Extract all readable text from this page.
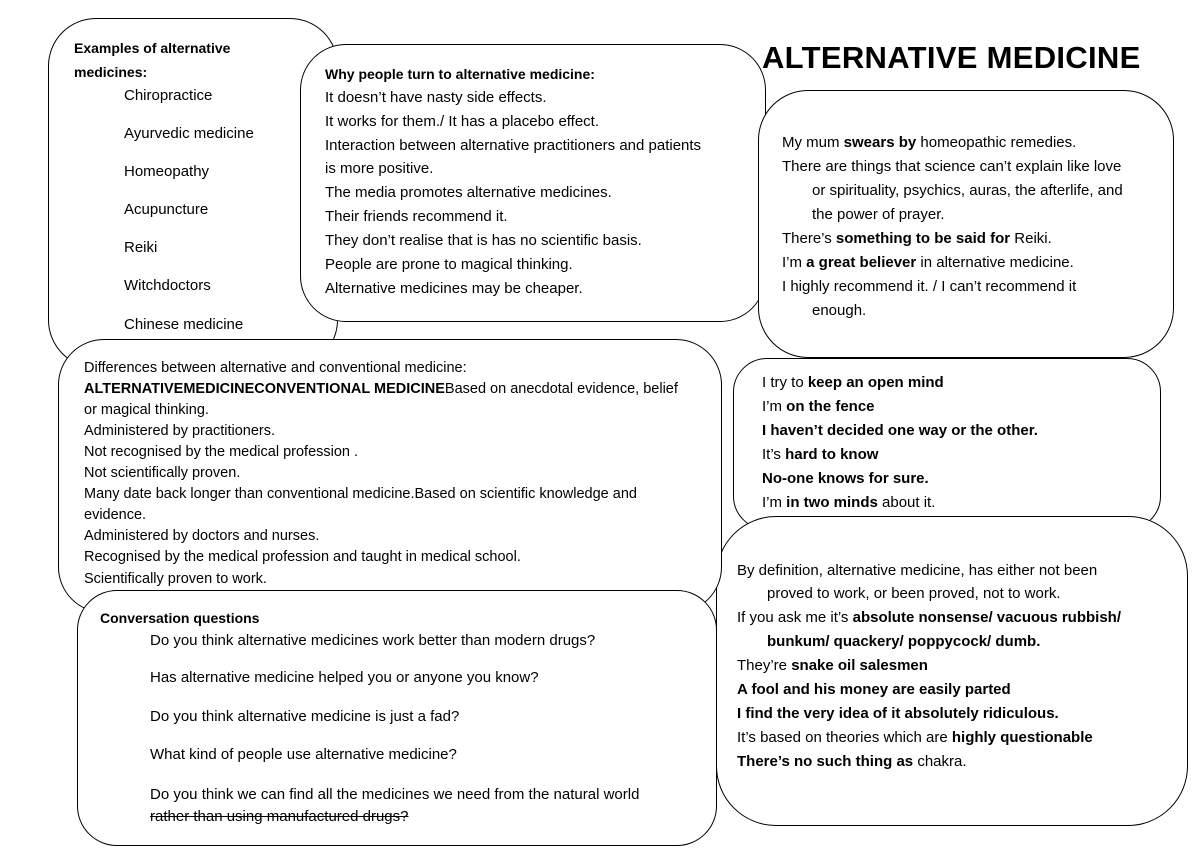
ALTERNATIVE MEDICINE
Examples of alternative
medicines:
Chiropractice
Ayurvedic medicine
Homeopathy
Acupuncture
Reiki
Witchdoctors
Chinese medicine
Why people turn to alternative medicine:
It doesn’t have nasty side effects.
It works for them./ It has a placebo effect.
Interaction between alternative practitioners and patients
is more positive.
The media promotes alternative medicines.
Their friends recommend it.
They don’t realise that is has no scientific basis.
People are prone to magical thinking.
Alternative medicines may be cheaper.
My mum swears by homeopathic remedies.
There are things that science can’t explain like love
or spirituality, psychics, auras, the afterlife, and
the power of prayer.
There’s something to be said for Reiki.
I’m a great believer in alternative medicine.
I highly recommend it. / I can’t recommend it
enough.
I try to keep an open mind
I’m on the fence
I haven’t decided one way or the other.
It’s hard to know
No-one knows for sure.
I’m in two minds about it.
By definition, alternative medicine, has either not been
proved to work, or been proved, not to work.
If you ask me it’s absolute nonsense/ vacuous rubbish/
bunkum/ quackery/ poppycock/ dumb.
They’re snake oil salesmen
A fool and his money are easily parted
I find the very idea of it absolutely ridiculous.
It’s based on theories which are highly questionable
There’s no such thing as chakra.
Differences between alternative and conventional medicine:
ALTERNATIVEMEDICINECONVENTIONAL MEDICINEBased on anecdotal evidence, belief
or magical thinking.
Administered by practitioners.
Not recognised by the medical profession .
Not scientifically proven.
Many date back longer than conventional medicine.Based on scientific knowledge and
evidence.
Administered by doctors and nurses.
Recognised by the medical profession and taught in medical school.
Scientifically proven to work.
Conversation questions
Do you think alternative medicines work better than modern drugs?
Has alternative medicine helped you or anyone you know?
Do you think alternative medicine is just a fad?
What kind of people use alternative medicine?
Do you think we can find all the medicines we need from the natural world
rather than using manufactured drugs?
